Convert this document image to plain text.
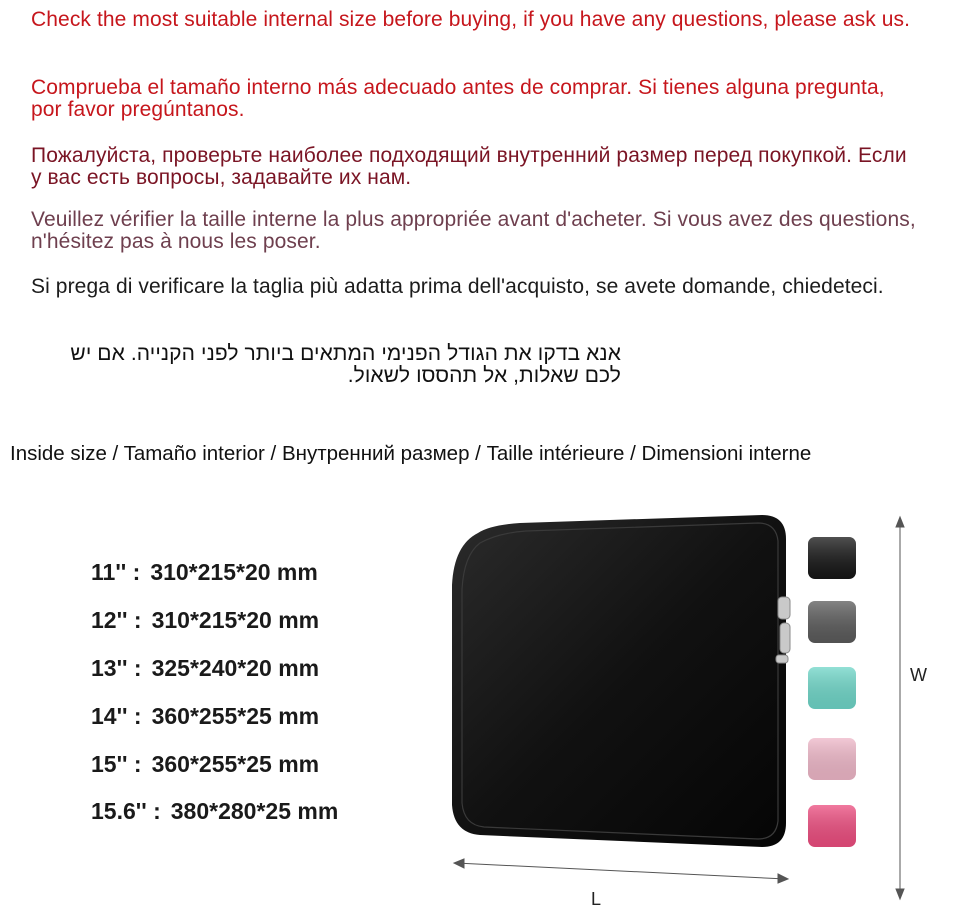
Check the most suitable internal size before buying, if you have any questions, please ask us.

Comprueba el tamaño interno más adecuado antes de comprar. Si tienes alguna pregunta, por favor pregúntanos.

Пожалуйста, проверьте наиболее подходящий внутренний размер перед покупкой. Если у вас есть вопросы, задавайте их нам.

Veuillez vérifier la taille interne la plus appropriée avant d'acheter. Si vous avez des questions, n'hésitez pas à nous les poser.

Si prega di verificare la taglia più adatta prima dell'acquisto, se avete domande, chiedeteci.

אנא בדקו את הגודל הפנימי המתאים ביותר לפני הקנייה. אם יש לכם שאלות, אל תהססו לשאול.

Inside size / Tamaño interior / Внутренний размер / Taille intérieure / Dimensioni interne

11'' : 310*215*20 mm
12'' : 310*215*20 mm
13'' : 325*240*20 mm
14'' : 360*255*25 mm
15'' : 360*255*25 mm
15.6'' : 380*280*25 mm
W
L
